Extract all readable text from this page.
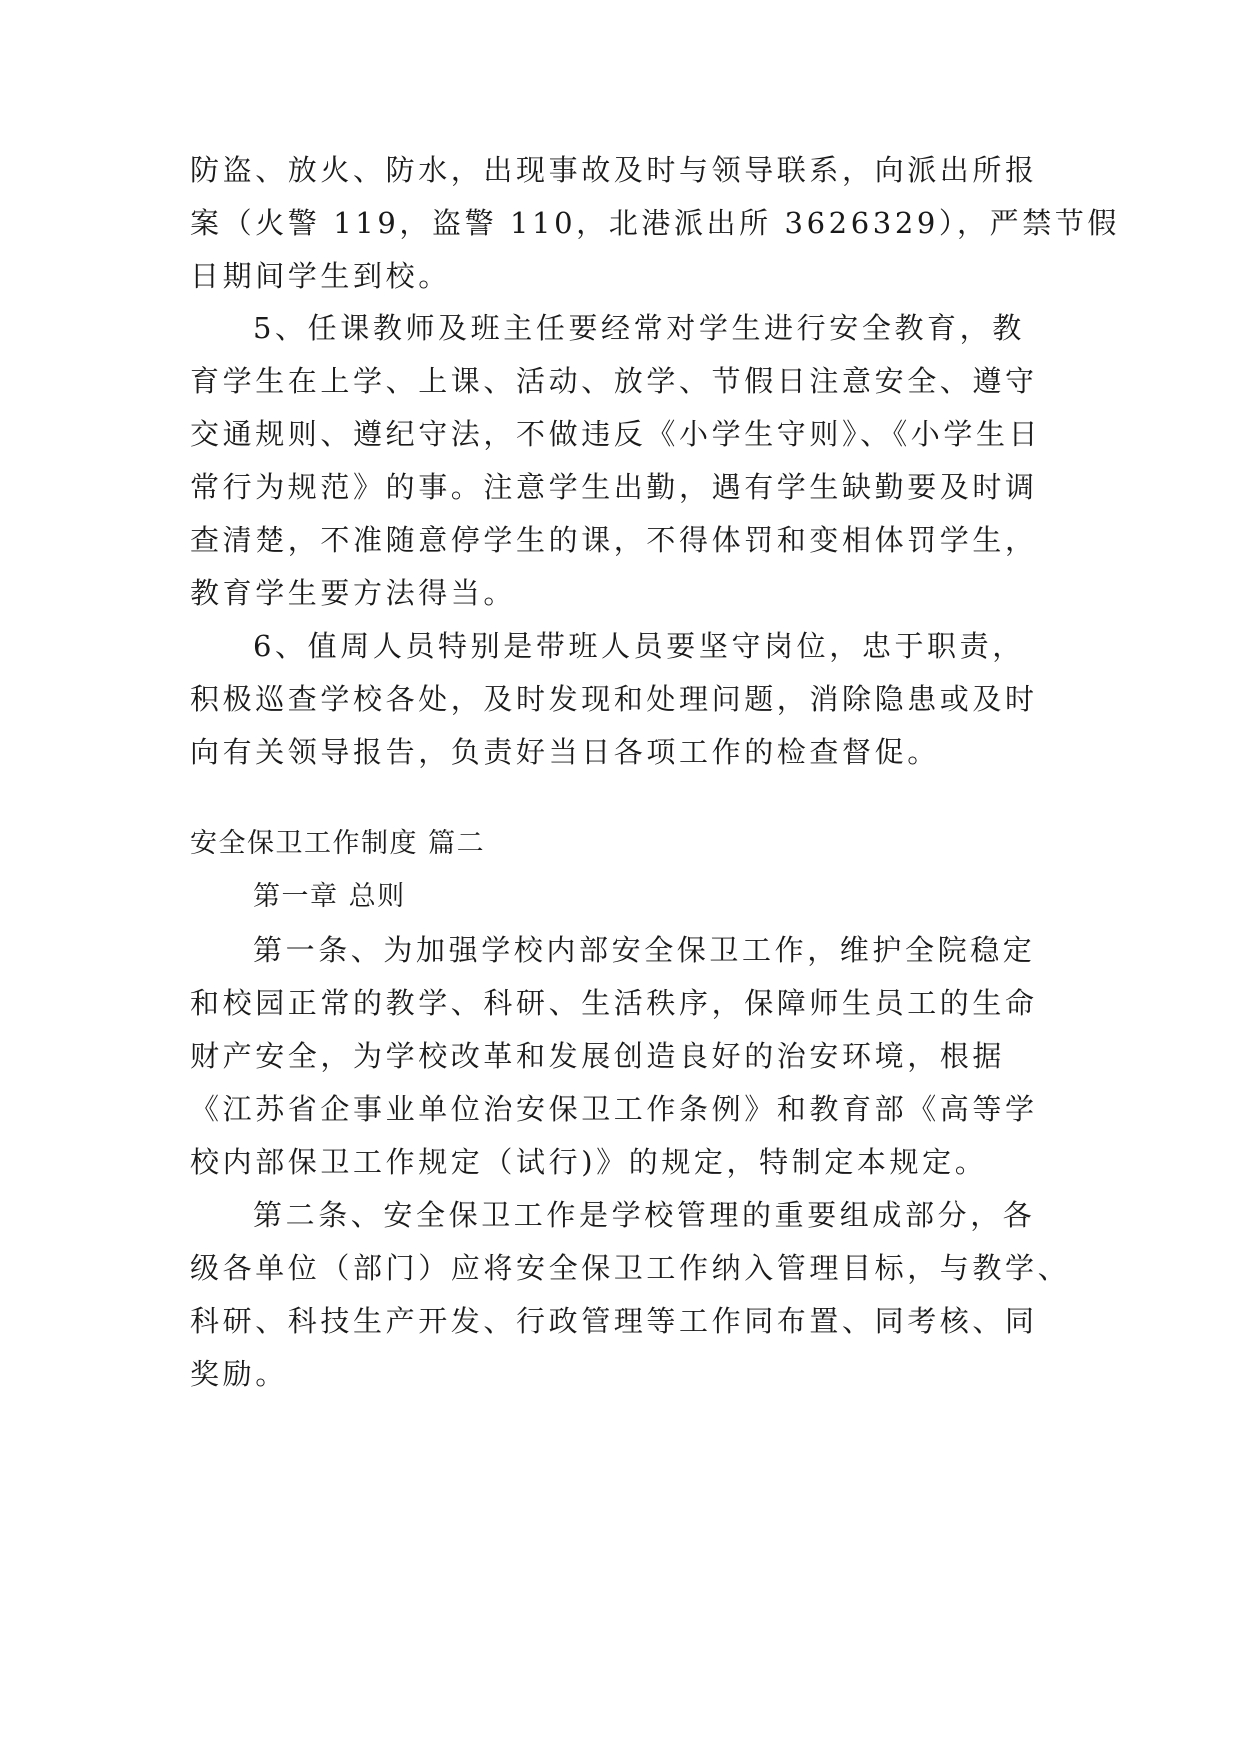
防盗、放火、防水，出现事故及时与领导联系，向派出所报

案（火警 119，盗警 110，北港派出所 3626329），严禁节假

日期间学生到校。

5、任课教师及班主任要经常对学生进行安全教育，教

育学生在上学、上课、活动、放学、节假日注意安全、遵守

交通规则、遵纪守法，不做违反《小学生守则》、《小学生日

常行为规范》的事。注意学生出勤，遇有学生缺勤要及时调

查清楚，不准随意停学生的课，不得体罚和变相体罚学生，

教育学生要方法得当。

6、值周人员特别是带班人员要坚守岗位，忠于职责，

积极巡查学校各处，及时发现和处理问题，消除隐患或及时

向有关领导报告，负责好当日各项工作的检查督促。

安全保卫工作制度 篇二

第一章 总则

第一条、为加强学校内部安全保卫工作，维护全院稳定

和校园正常的教学、科研、生活秩序，保障师生员工的生命

财产安全，为学校改革和发展创造良好的治安环境，根据

《江苏省企事业单位治安保卫工作条例》和教育部《高等学

校内部保卫工作规定（试行)》的规定，特制定本规定。

第二条、安全保卫工作是学校管理的重要组成部分，各

级各单位（部门）应将安全保卫工作纳入管理目标，与教学、

科研、科技生产开发、行政管理等工作同布置、同考核、同

奖励。
